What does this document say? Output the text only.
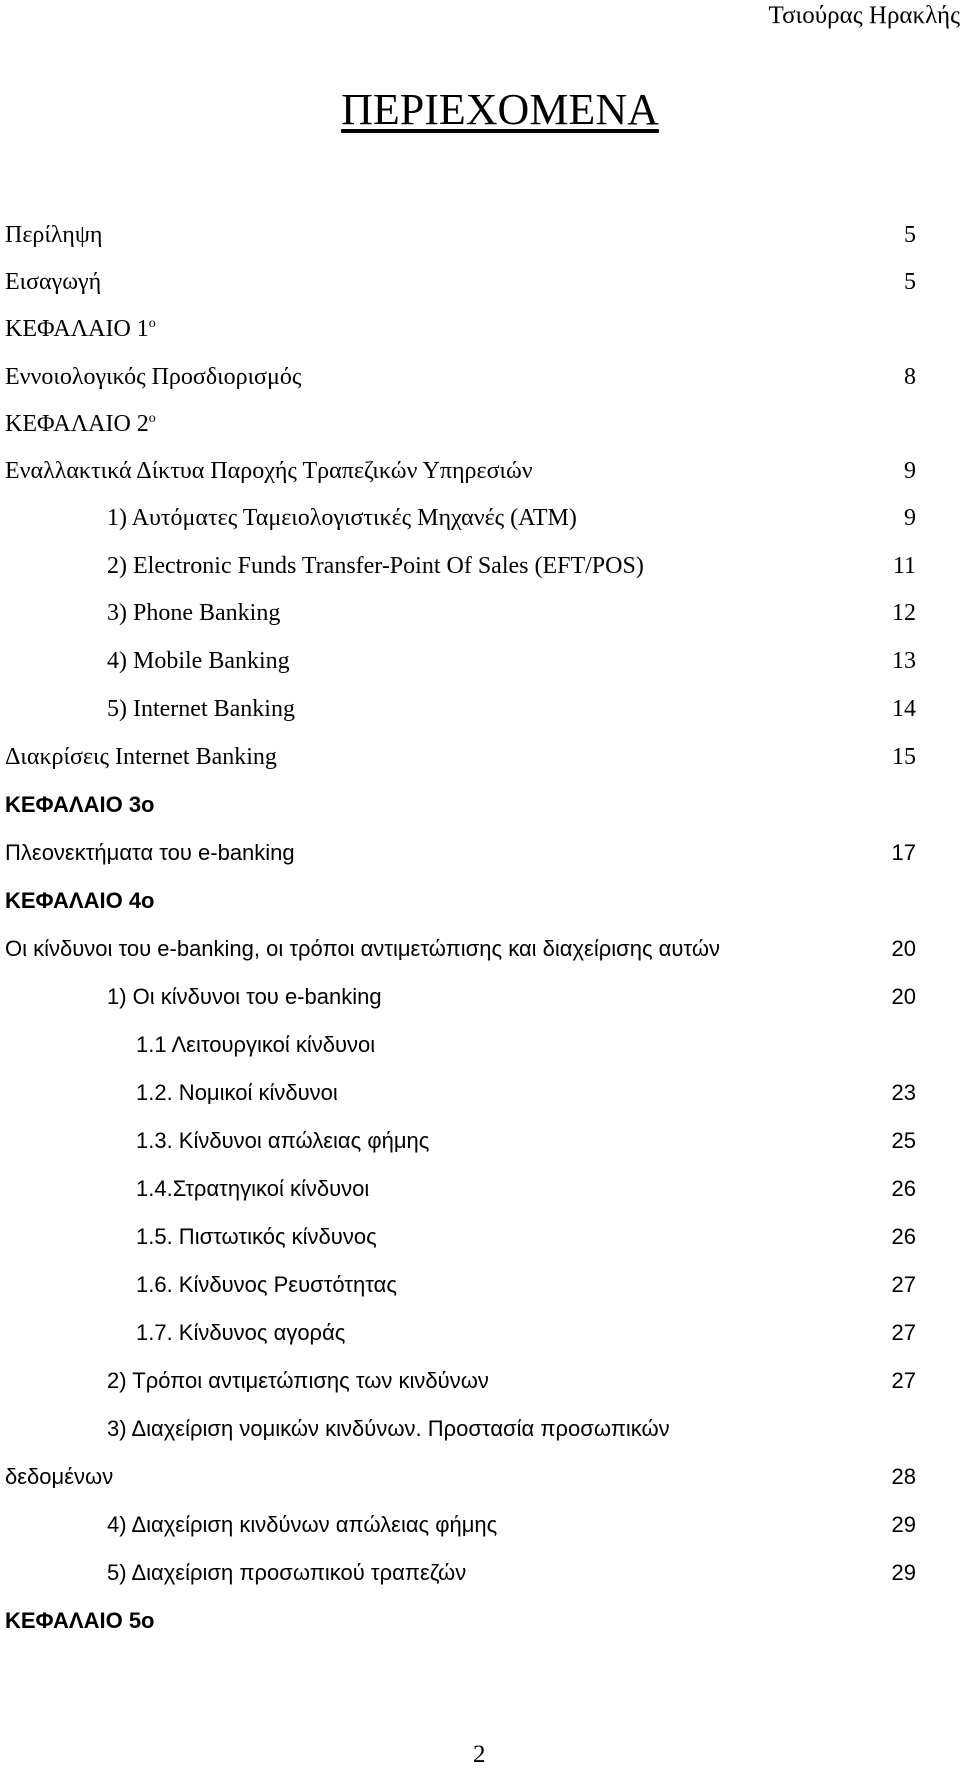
Τσιούρας Ηρακλής
ΠΕΡΙΕΧΟΜΕΝΑ
Περίληψη	5
Εισαγωγή	5
ΚΕΦΑΛΑΙΟ $1^o$
Εννοιολογικός Προσδιορισμός	8
ΚΕΦΑΛΑΙΟ $2^o$
Εναλλακτικά Δίκτυα Παροχής Τραπεζικών Υπηρεσιών	9
1) Αυτόματες Ταμειολογιστικές Μηχανές (ATM)	9
2) Electronic Funds Transfer-Point Of Sales (EFT/POS)	11
3) Phone Banking	12
4) Mobile Banking	13
5) Internet Banking	14
Διακρίσεις Internet Banking	15
ΚΕΦΑΛΑΙΟ 3ο
Πλεονεκτήματα του e-banking	17
ΚΕΦΑΛΑΙΟ 4ο
Οι κίνδυνοι του e-banking, οι τρόποι αντιμετώπισης και διαχείρισης αυτών	20
1) Οι κίνδυνοι του e-banking	20
1.1 Λειτουργικοί κίνδυνοι
1.2. Νομικοί κίνδυνοι	23
1.3. Κίνδυνοι απώλειας φήμης	25
1.4.Στρατηγικοί κίνδυνοι	26
1.5. Πιστωτικός κίνδυνος	26
1.6. Κίνδυνος Ρευστότητας	27
1.7. Κίνδυνος αγοράς	27
2) Τρόποι αντιμετώπισης των κινδύνων	27
3) Διαχείριση νομικών κινδύνων. Προστασία προσωπικών
δεδομένων	28
4) Διαχείριση κινδύνων απώλειας φήμης	29
5) Διαχείριση προσωπικού τραπεζών	29
ΚΕΦΑΛΑΙΟ 5ο
2
